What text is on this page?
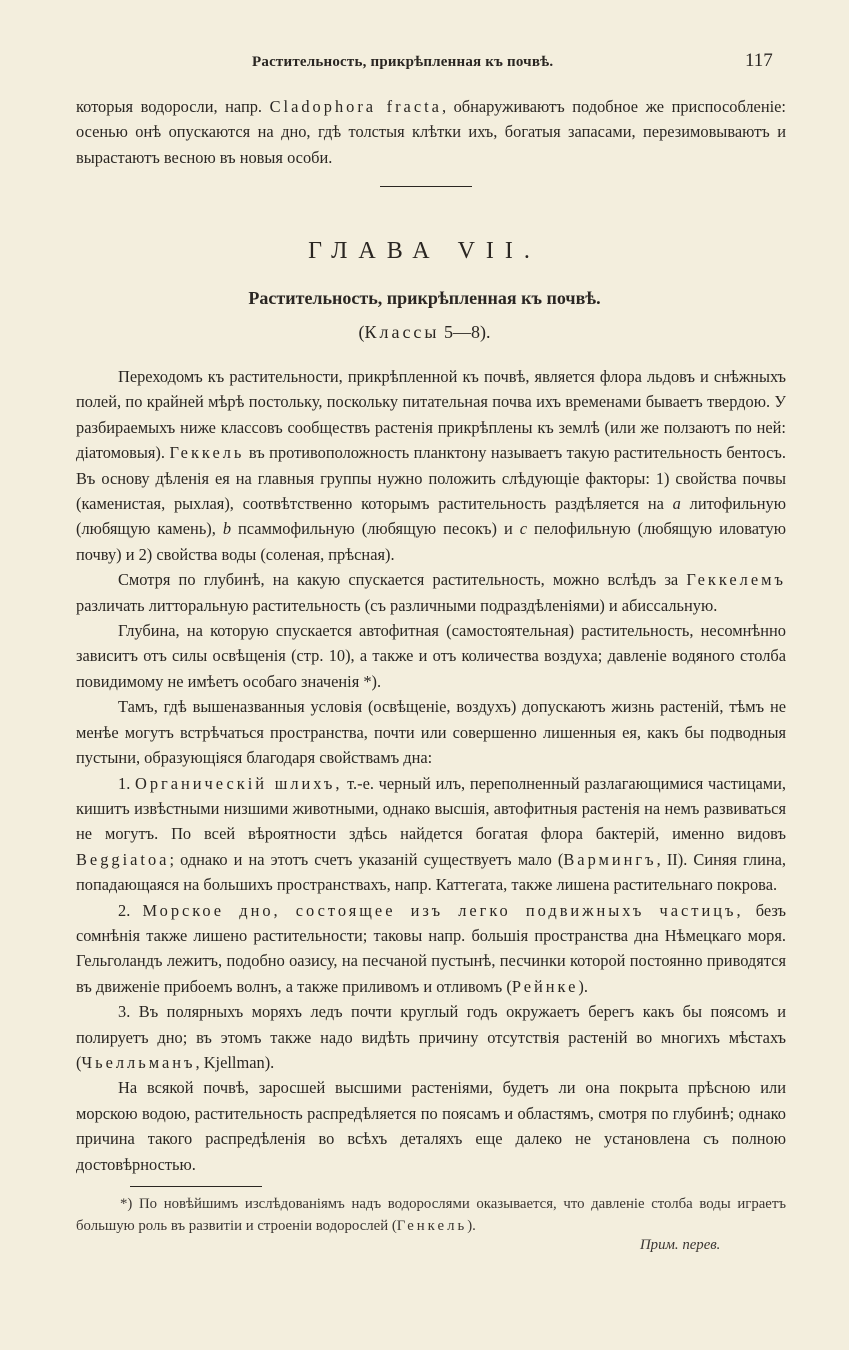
Растительность, прикрѣпленная къ почвѣ.	117
которыя водоросли, напр. Cladophora fracta, обнаруживаютъ подобное же приспособленіе: осенью онѣ опускаются на дно, гдѣ толстыя клѣтки ихъ, богатыя запасами, перезимовываютъ и вырастаютъ весною въ новыя особи.
ГЛАВА VII.
Растительность, прикрѣпленная къ почвѣ.
(Классы 5—8).

Переходомъ къ растительности, прикрѣпленной къ почвѣ, является флора льдовъ и снѣжныхъ полей, по крайней мѣрѣ постольку, поскольку питательная почва ихъ временами бываетъ твердою. У разбираемыхъ ниже классовъ сообществъ растенія прикрѣплены къ землѣ (или же ползаютъ по ней: діатомовыя). Геккель въ противоположность планктону называетъ такую растительность бентосъ. Въ основу дѣленія ея на главныя группы нужно положить слѣдующіе факторы: 1) свойства почвы (каменистая, рыхлая), соотвѣтственно которымъ растительность раздѣляется на a литофильную (любящую камень), b псаммофильную (любящую песокъ) и c пелофильную (любящую иловатую почву) и 2) свойства воды (соленая, прѣсная).

Смотря по глубинѣ, на какую спускается растительность, можно вслѣдъ за Геккелемъ различать литторальную растительность (съ различными подраздѣленіями) и абиссальную.

Глубина, на которую спускается автофитная (самостоятельная) растительность, несомнѣнно зависитъ отъ силы освѣщенія (стр. 10), а также и отъ количества воздуха; давленіе водяного столба повидимому не имѣетъ особаго значенія *).

Тамъ, гдѣ вышеназванныя условія (освѣщеніе, воздухъ) допускаютъ жизнь растеній, тѣмъ не менѣе могутъ встрѣчаться пространства, почти или совершенно лишенныя ея, какъ бы подводныя пустыни, образующіяся благодаря свойствамъ дна:

1. Органическій шлихъ, т.-е. черный илъ, переполненный разлагающимися частицами, кишитъ извѣстными низшими животными, однако высшія, автофитныя растенія на немъ развиваться не могутъ. По всей вѣроятности здѣсь найдется богатая флора бактерій, именно видовъ Beggiatoa; однако и на этотъ счетъ указаній существуетъ мало (Вармингъ, II). Синяя глина, попадающаяся на большихъ пространствахъ, напр. Каттегата, также лишена растительнаго покрова.

2. Морское дно, состоящее изъ легко подвижныхъ частицъ, безъ сомнѣнія также лишено растительности; таковы напр. большія пространства дна Нѣмецкаго моря. Гельголандъ лежитъ, подобно оазису, на песчаной пустынѣ, песчинки которой постоянно приводятся въ движеніе прибоемъ волнъ, а также приливомъ и отливомъ (Рейнке).

3. Въ полярныхъ моряхъ ледъ почти круглый годъ окружаетъ берегъ какъ бы поясомъ и полируетъ дно; въ этомъ также надо видѣть причину отсутствія растеній во многихъ мѣстахъ (Чьелльманъ, Kjellman).

На всякой почвѣ, заросшей высшими растеніями, будетъ ли она покрыта прѣсною или морскою водою, растительность распредѣляется по поясамъ и областямъ, смотря по глубинѣ; однако причина такого распредѣленія во всѣхъ деталяхъ еще далеко не установлена съ полною достовѣрностью.

*) По новѣйшимъ изслѣдованіямъ надъ водорослями оказывается, что давленіе столба воды играетъ большую роль въ развитіи и строеніи водорослей (Генкель).

Прим. перев.
